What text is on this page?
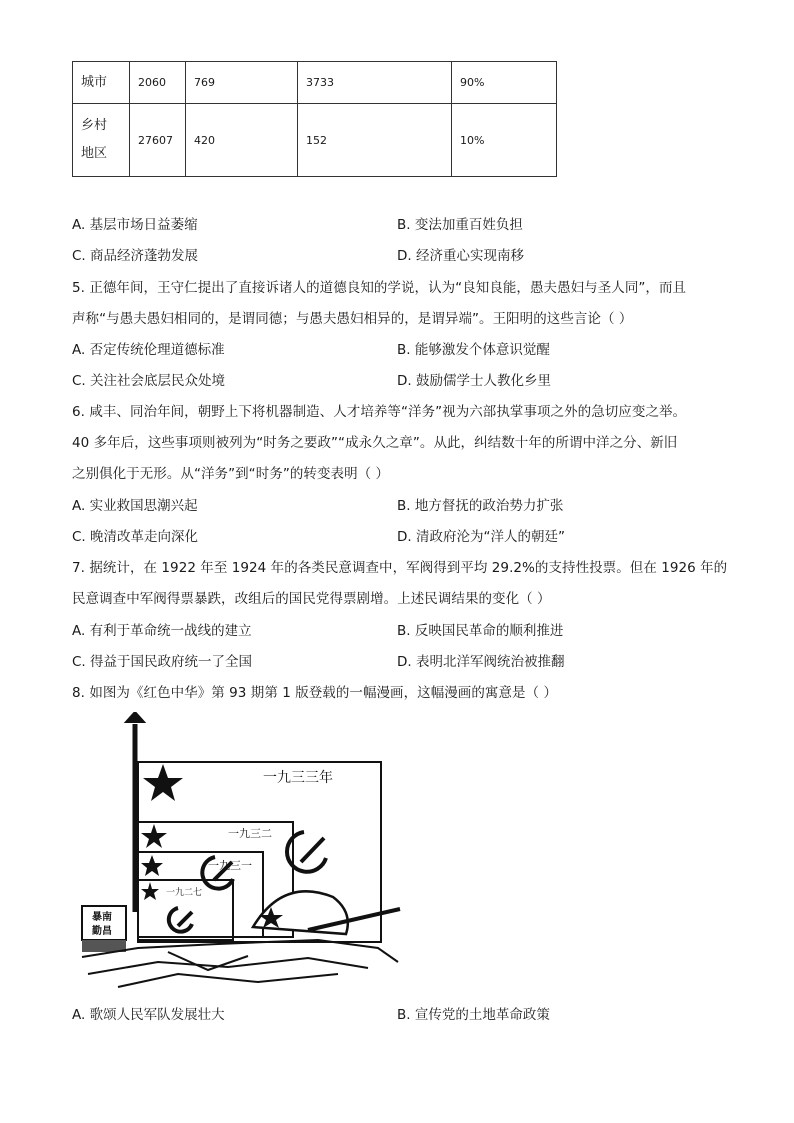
城市	2060	769	3733	90%

乡村
地区	27607	420	152	10%
A. 基层市场日益萎缩	B. 变法加重百姓负担
C. 商品经济蓬勃发展	D. 经济重心实现南移
5. 正德年间，王守仁提出了直接诉诸人的道德良知的学说，认为“良知良能，愚夫愚妇与圣人同”，而且
声称“与愚夫愚妇相同的，是谓同德；与愚夫愚妇相异的，是谓异端”。王阳明的这些言论（ ）
A. 否定传统伦理道德标准	B. 能够激发个体意识觉醒
C. 关注社会底层民众处境	D. 鼓励儒学士人教化乡里
6. 咸丰、同治年间，朝野上下将机器制造、人才培养等“洋务”视为六部执掌事项之外的急切应变之举。
40 多年后，这些事项则被列为“时务之要政”“成永久之章”。从此，纠结数十年的所谓中洋之分、新旧
之别俱化于无形。从“洋务”到“时务”的转变表明（ ）
A. 实业救国思潮兴起	B. 地方督抚的政治势力扩张
C. 晚清改革走向深化	D. 清政府沦为“洋人的朝廷”
7. 据统计，在 1922 年至 1924 年的各类民意调查中，军阀得到平均 29.2%的支持性投票。但在 1926 年的
民意调查中军阀得票暴跌，改组后的国民党得票剧增。上述民调结果的变化（ ）
A. 有利于革命统一战线的建立	B. 反映国民革命的顺利推进
C. 得益于国民政府统一了全国	D. 表明北洋军阀统治被推翻
8. 如图为《红色中华》第 93 期第 1 版登载的一幅漫画，这幅漫画的寓意是（ ）
一九三三年
一九三二
一九三一
一九二七
暴南
勤昌
A. 歌颂人民军队发展壮大	B. 宣传党的土地革命政策
